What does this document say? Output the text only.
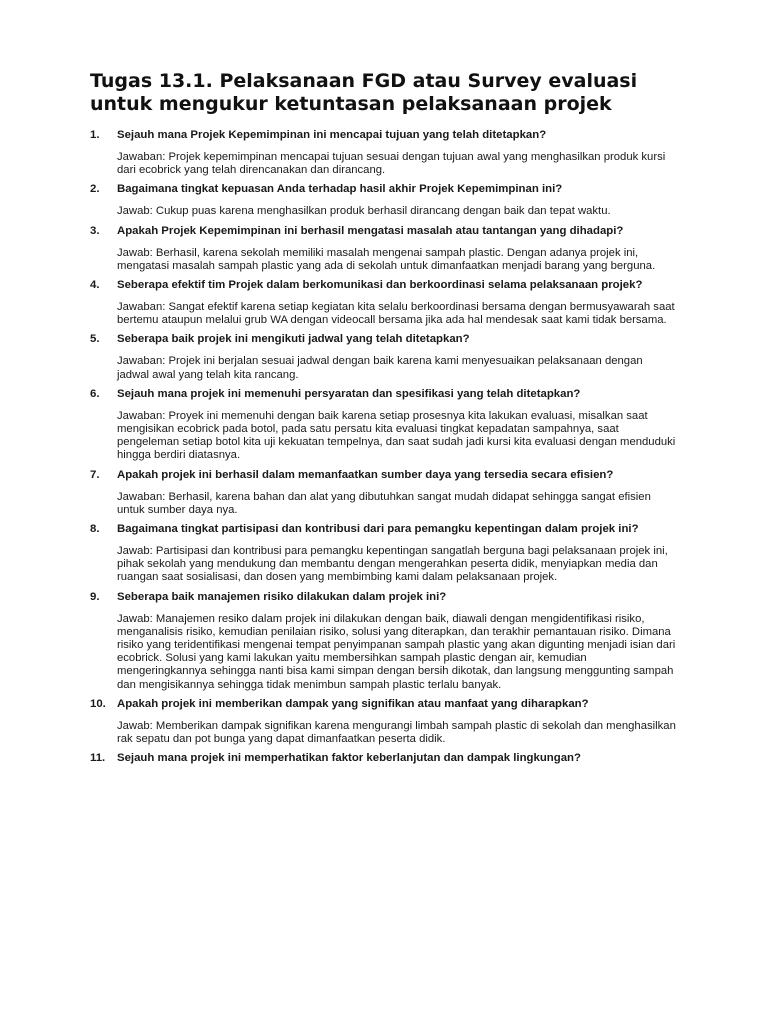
Tugas 13.1. Pelaksanaan FGD atau Survey evaluasi untuk mengukur ketuntasan pelaksanaan projek
1.	Sejauh mana Projek Kepemimpinan ini mencapai tujuan yang telah ditetapkan?

Jawaban: Projek kepemimpinan mencapai tujuan sesuai dengan tujuan awal yang menghasilkan produk kursi dari ecobrick yang telah direncanakan dan dirancang.

2.	Bagaimana tingkat kepuasan Anda terhadap hasil akhir Projek Kepemimpinan ini?

Jawab: Cukup puas karena menghasilkan produk berhasil dirancang dengan baik dan tepat waktu.

3.	Apakah Projek Kepemimpinan ini berhasil mengatasi masalah atau tantangan yang dihadapi?

Jawab: Berhasil, karena sekolah memiliki masalah mengenai sampah plastic. Dengan adanya projek ini, mengatasi masalah sampah plastic yang ada di sekolah untuk dimanfaatkan menjadi barang yang berguna.

4.	Seberapa efektif tim Projek dalam berkomunikasi dan berkoordinasi selama pelaksanaan projek?

Jawaban: Sangat efektif karena setiap kegiatan kita selalu berkoordinasi bersama dengan bermusyawarah saat bertemu ataupun melalui grub WA dengan videocall bersama jika ada hal mendesak saat kami tidak bersama.

5.	Seberapa baik projek ini mengikuti jadwal yang telah ditetapkan?

Jawaban: Projek ini berjalan sesuai jadwal dengan baik karena kami menyesuaikan pelaksanaan dengan jadwal awal yang telah kita rancang.

6.	Sejauh mana projek ini memenuhi persyaratan dan spesifikasi yang telah ditetapkan?

Jawaban: Proyek ini memenuhi dengan baik karena setiap prosesnya kita lakukan evaluasi, misalkan saat mengisikan ecobrick pada botol, pada satu persatu kita evaluasi tingkat kepadatan sampahnya, saat pengeleman setiap botol kita uji kekuatan tempelnya, dan saat sudah jadi kursi kita evaluasi dengan menduduki hingga berdiri diatasnya.

7.	Apakah projek ini berhasil dalam memanfaatkan sumber daya yang tersedia secara efisien?

Jawaban: Berhasil, karena bahan dan alat yang dibutuhkan sangat mudah didapat sehingga sangat efisien untuk sumber daya nya.

8.	Bagaimana tingkat partisipasi dan kontribusi dari para pemangku kepentingan dalam projek ini?

Jawab: Partisipasi dan kontribusi para pemangku kepentingan sangatlah berguna bagi pelaksanaan projek ini, pihak sekolah yang mendukung dan membantu dengan mengerahkan peserta didik, menyiapkan media dan ruangan saat sosialisasi, dan dosen yang membimbing kami dalam pelaksanaan projek.

9.	Seberapa baik manajemen risiko dilakukan dalam projek ini?

Jawab: Manajemen resiko dalam projek ini dilakukan dengan baik, diawali dengan mengidentifikasi risiko, menganalisis risiko, kemudian penilaian risiko, solusi yang diterapkan, dan terakhir pemantauan risiko. Dimana risiko yang teridentifikasi mengenai tempat penyimpanan sampah plastic yang akan digunting menjadi isian dari ecobrick. Solusi yang kami lakukan yaitu membersihkan sampah plastic dengan air, kemudian mengeringkannya sehingga nanti bisa kami simpan dengan bersih dikotak, dan langsung menggunting sampah dan mengisikannya sehingga tidak menimbun sampah plastic terlalu banyak.

10. Apakah projek ini memberikan dampak yang signifikan atau manfaat yang diharapkan?

Jawab: Memberikan dampak signifikan karena mengurangi limbah sampah plastic di sekolah dan menghasilkan rak sepatu dan pot bunga yang dapat dimanfaatkan peserta didik.

11.	Sejauh mana projek ini memperhatikan faktor keberlanjutan dan dampak lingkungan?
